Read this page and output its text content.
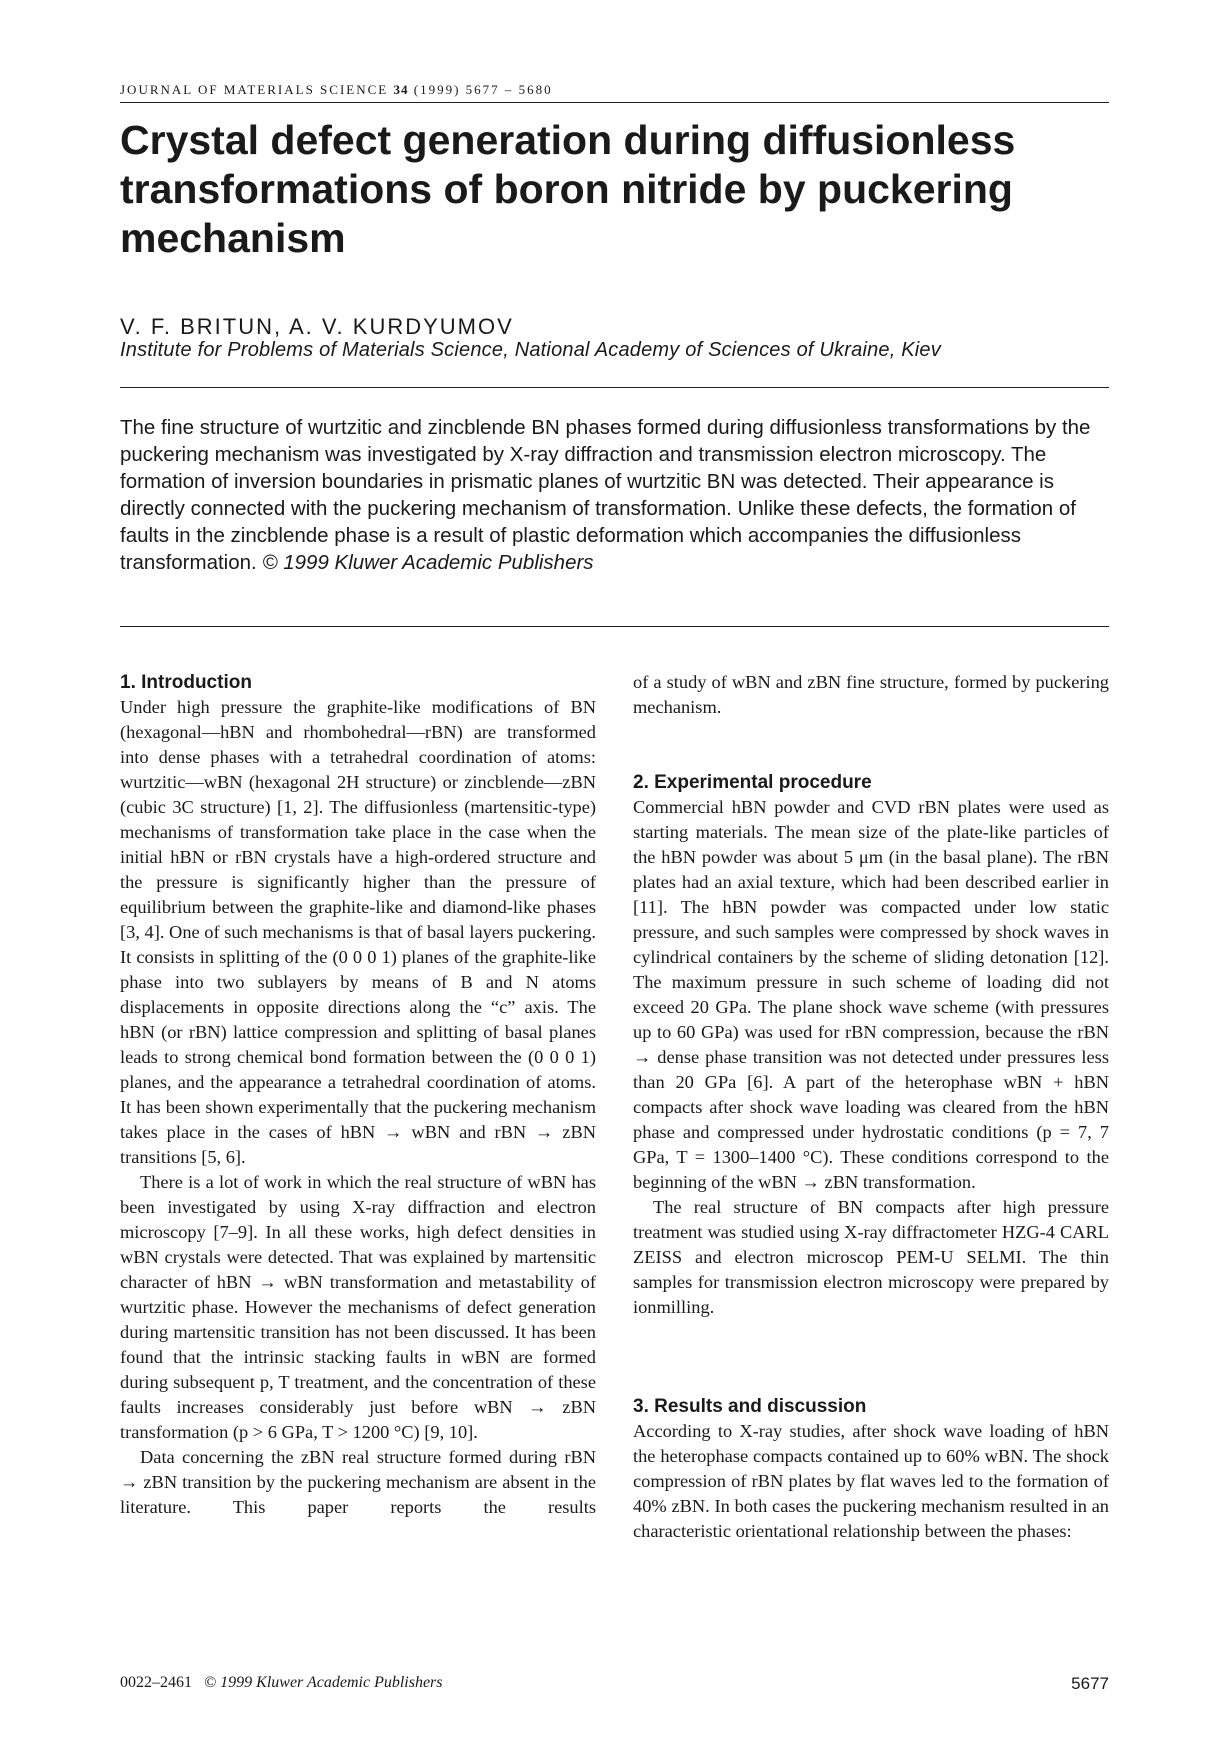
JOURNAL OF MATERIALS SCIENCE 34 (1999) 5677 – 5680
Crystal defect generation during diffusionless transformations of boron nitride by puckering mechanism

V. F. BRITUN, A. V. KURDYUMOV

Institute for Problems of Materials Science, National Academy of Sciences of Ukraine, Kiev

The fine structure of wurtzitic and zincblende BN phases formed during diffusionless transformations by the puckering mechanism was investigated by X-ray diffraction and transmission electron microscopy. The formation of inversion boundaries in prismatic planes of wurtzitic BN was detected. Their appearance is directly connected with the puckering mechanism of transformation. Unlike these defects, the formation of faults in the zincblende phase is a result of plastic deformation which accompanies the diffusionless transformation. © 1999 Kluwer Academic Publishers

1. Introduction

Under high pressure the graphite-like modifications of BN (hexagonal—hBN and rhombohedral—rBN) are transformed into dense phases with a tetrahedral coordination of atoms: wurtzitic—wBN (hexagonal 2H structure) or zincblende—zBN (cubic 3C structure) [1, 2]. The diffusionless (martensitic-type) mechanisms of transformation take place in the case when the initial hBN or rBN crystals have a high-ordered structure and the pressure is significantly higher than the pressure of equilibrium between the graphite-like and diamond-like phases [3, 4]. One of such mechanisms is that of basal layers puckering. It consists in splitting of the (0 0 0 1) planes of the graphite-like phase into two sublayers by means of B and N atoms displacements in opposite directions along the “c” axis. The hBN (or rBN) lattice compression and splitting of basal planes leads to strong chemical bond formation between the (0 0 0 1) planes, and the appearance a tetrahedral coordination of atoms. It has been shown experimentally that the puckering mechanism takes place in the cases of hBN → wBN and rBN → zBN transitions [5, 6].

There is a lot of work in which the real structure of wBN has been investigated by using X-ray diffraction and electron microscopy [7–9]. In all these works, high defect densities in wBN crystals were detected. That was explained by martensitic character of hBN → wBN transformation and metastability of wurtzitic phase. However the mechanisms of defect generation during martensitic transition has not been discussed. It has been found that the intrinsic stacking faults in wBN are formed during subsequent p, T treatment, and the concentration of these faults increases considerably just before wBN → zBN transformation (p > 6 GPa, T > 1200 °C) [9, 10].

Data concerning the zBN real structure formed during rBN → zBN transition by the puckering mechanism are absent in the literature. This paper reports the results

of a study of wBN and zBN fine structure, formed by puckering mechanism.

2. Experimental procedure

Commercial hBN powder and CVD rBN plates were used as starting materials. The mean size of the plate-like particles of the hBN powder was about 5 μm (in the basal plane). The rBN plates had an axial texture, which had been described earlier in [11]. The hBN powder was compacted under low static pressure, and such samples were compressed by shock waves in cylindrical containers by the scheme of sliding detonation [12]. The maximum pressure in such scheme of loading did not exceed 20 GPa. The plane shock wave scheme (with pressures up to 60 GPa) was used for rBN compression, because the rBN → dense phase transition was not detected under pressures less than 20 GPa [6]. A part of the heterophase wBN + hBN compacts after shock wave loading was cleared from the hBN phase and compressed under hydrostatic conditions (p = 7, 7 GPa, T = 1300–1400 °C). These conditions correspond to the beginning of the wBN → zBN transformation.

The real structure of BN compacts after high pressure treatment was studied using X-ray diffractometer HZG-4 CARL ZEISS and electron microscop PEM-U SELMI. The thin samples for transmission electron microscopy were prepared by ionmilling.

3. Results and discussion

According to X-ray studies, after shock wave loading of hBN the heterophase compacts contained up to 60% wBN. The shock compression of rBN plates by flat waves led to the formation of 40% zBN. In both cases the puckering mechanism resulted in an characteristic orientational relationship between the phases:

0022–2461 © 1999 Kluwer Academic Publishers	5677
